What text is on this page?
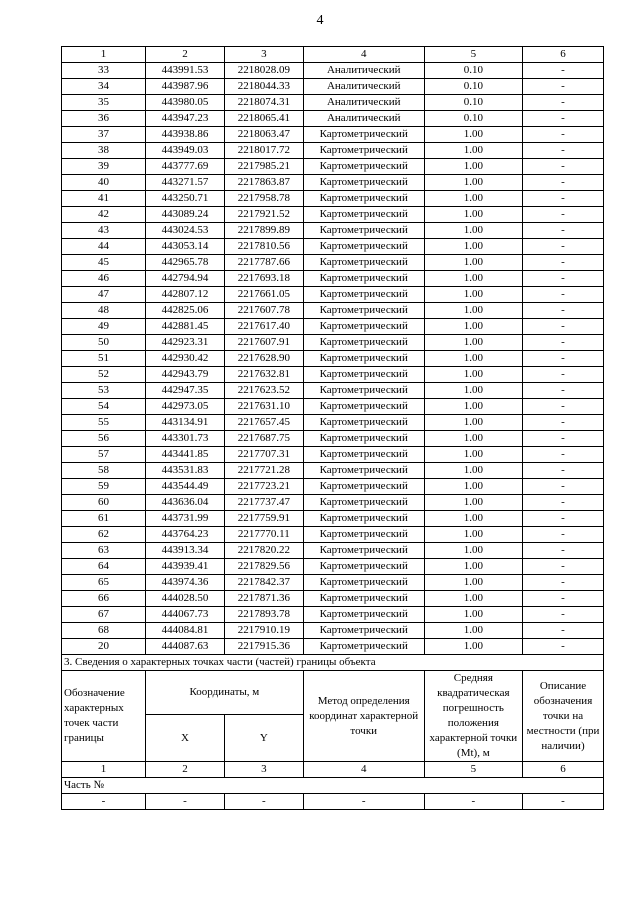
4
1	2	3	4	5	6
33	443991.53	2218028.09	Аналитический	0.10	-
34	443987.96	2218044.33	Аналитический	0.10	-
35	443980.05	2218074.31	Аналитический	0.10	-
36	443947.23	2218065.41	Аналитический	0.10	-
37	443938.86	2218063.47	Картометрический	1.00	-
38	443949.03	2218017.72	Картометрический	1.00	-
39	443777.69	2217985.21	Картометрический	1.00	-
40	443271.57	2217863.87	Картометрический	1.00	-
41	443250.71	2217958.78	Картометрический	1.00	-
42	443089.24	2217921.52	Картометрический	1.00	-
43	443024.53	2217899.89	Картометрический	1.00	-
44	443053.14	2217810.56	Картометрический	1.00	-
45	442965.78	2217787.66	Картометрический	1.00	-
46	442794.94	2217693.18	Картометрический	1.00	-
47	442807.12	2217661.05	Картометрический	1.00	-
48	442825.06	2217607.78	Картометрический	1.00	-
49	442881.45	2217617.40	Картометрический	1.00	-
50	442923.31	2217607.91	Картометрический	1.00	-
51	442930.42	2217628.90	Картометрический	1.00	-
52	442943.79	2217632.81	Картометрический	1.00	-
53	442947.35	2217623.52	Картометрический	1.00	-
54	442973.05	2217631.10	Картометрический	1.00	-
55	443134.91	2217657.45	Картометрический	1.00	-
56	443301.73	2217687.75	Картометрический	1.00	-
57	443441.85	2217707.31	Картометрический	1.00	-
58	443531.83	2217721.28	Картометрический	1.00	-
59	443544.49	2217723.21	Картометрический	1.00	-
60	443636.04	2217737.47	Картометрический	1.00	-
61	443731.99	2217759.91	Картометрический	1.00	-
62	443764.23	2217770.11	Картометрический	1.00	-
63	443913.34	2217820.22	Картометрический	1.00	-
64	443939.41	2217829.56	Картометрический	1.00	-
65	443974.36	2217842.37	Картометрический	1.00	-
66	444028.50	2217871.36	Картометрический	1.00	-
67	444067.73	2217893.78	Картометрический	1.00	-
68	444084.81	2217910.19	Картометрический	1.00	-
20	444087.63	2217915.36	Картометрический	1.00	-
3. Сведения о характерных точках части (частей) границы объекта					
Обозначение характерных точек части границы	Координаты, м		Метод определения координат характерной точки	Средняя квадратическая погрешность положения характерной точки (Мt), м	Описание обозначения точки на местности (при наличии)
	X	Y			
1	2	3	4	5	6
Часть №					
-	-	-	-	-	-
